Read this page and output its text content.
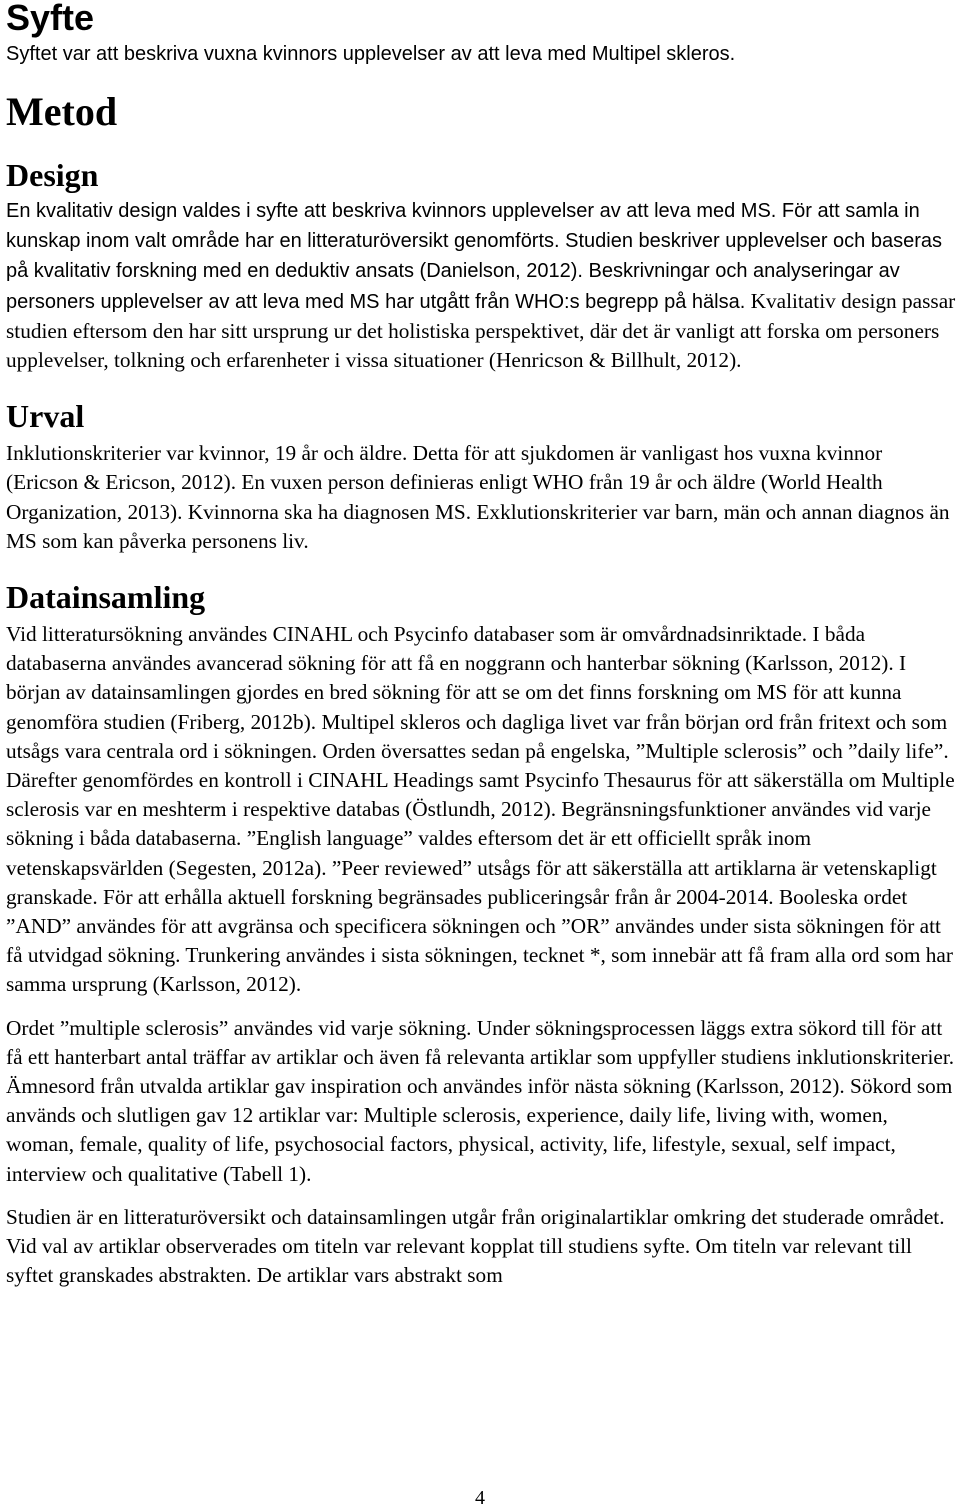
Syfte

Syftet var att beskriva vuxna kvinnors upplevelser av att leva med Multipel skleros.

Metod
Design

En kvalitativ design valdes i syfte att beskriva kvinnors upplevelser av att leva med MS. För att samla in kunskap inom valt område har en litteraturöversikt genomförts. Studien beskriver upplevelser och baseras på kvalitativ forskning med en deduktiv ansats (Danielson, 2012). Beskrivningar och analyseringar av personers upplevelser av att leva med MS har utgått från WHO:s begrepp på hälsa. Kvalitativ design passar studien eftersom den har sitt ursprung ur det holistiska perspektivet, där det är vanligt att forska om personers upplevelser, tolkning och erfarenheter i vissa situationer (Henricson & Billhult, 2012).

Urval

Inklutionskriterier var kvinnor, 19 år och äldre. Detta för att sjukdomen är vanligast hos vuxna kvinnor (Ericson & Ericson, 2012). En vuxen person definieras enligt WHO från 19 år och äldre (World Health Organization, 2013). Kvinnorna ska ha diagnosen MS. Exklutionskriterier var barn, män och annan diagnos än MS som kan påverka personens liv.

Datainsamling

Vid litteratursökning användes CINAHL och Psycinfo databaser som är omvårdnadsinriktade. I båda databaserna användes avancerad sökning för att få en noggrann och hanterbar sökning (Karlsson, 2012). I början av datainsamlingen gjordes en bred sökning för att se om det finns forskning om MS för att kunna genomföra studien (Friberg, 2012b). Multipel skleros och dagliga livet var från början ord från fritext och som utsågs vara centrala ord i sökningen. Orden översattes sedan på engelska, ”Multiple sclerosis” och ”daily life”. Därefter genomfördes en kontroll i CINAHL Headings samt Psycinfo Thesaurus för att säkerställa om Multiple sclerosis var en meshterm i respektive databas (Östlundh, 2012). Begränsningsfunktioner användes vid varje sökning i båda databaserna. ”English language” valdes eftersom det är ett officiellt språk inom vetenskapsvärlden (Segesten, 2012a). ”Peer reviewed” utsågs för att säkerställa att artiklarna är vetenskapligt granskade. För att erhålla aktuell forskning begränsades publiceringsår från år 2004-2014. Booleska ordet ”AND” användes för att avgränsa och specificera sökningen och ”OR” användes under sista sökningen för att få utvidgad sökning. Trunkering användes i sista sökningen, tecknet *, som innebär att få fram alla ord som har samma ursprung (Karlsson, 2012).

Ordet ”multiple sclerosis” användes vid varje sökning. Under sökningsprocessen läggs extra sökord till för att få ett hanterbart antal träffar av artiklar och även få relevanta artiklar som uppfyller studiens inklutionskriterier. Ämnesord från utvalda artiklar gav inspiration och användes inför nästa sökning (Karlsson, 2012). Sökord som används och slutligen gav 12 artiklar var: Multiple sclerosis, experience, daily life, living with, women, woman, female, quality of life, psychosocial factors, physical, activity, life, lifestyle, sexual, self impact, interview och qualitative (Tabell 1).

Studien är en litteraturöversikt och datainsamlingen utgår från originalartiklar omkring det studerade området. Vid val av artiklar observerades om titeln var relevant kopplat till studiens syfte. Om titeln var relevant till syftet granskades abstrakten. De artiklar vars abstrakt som

4
